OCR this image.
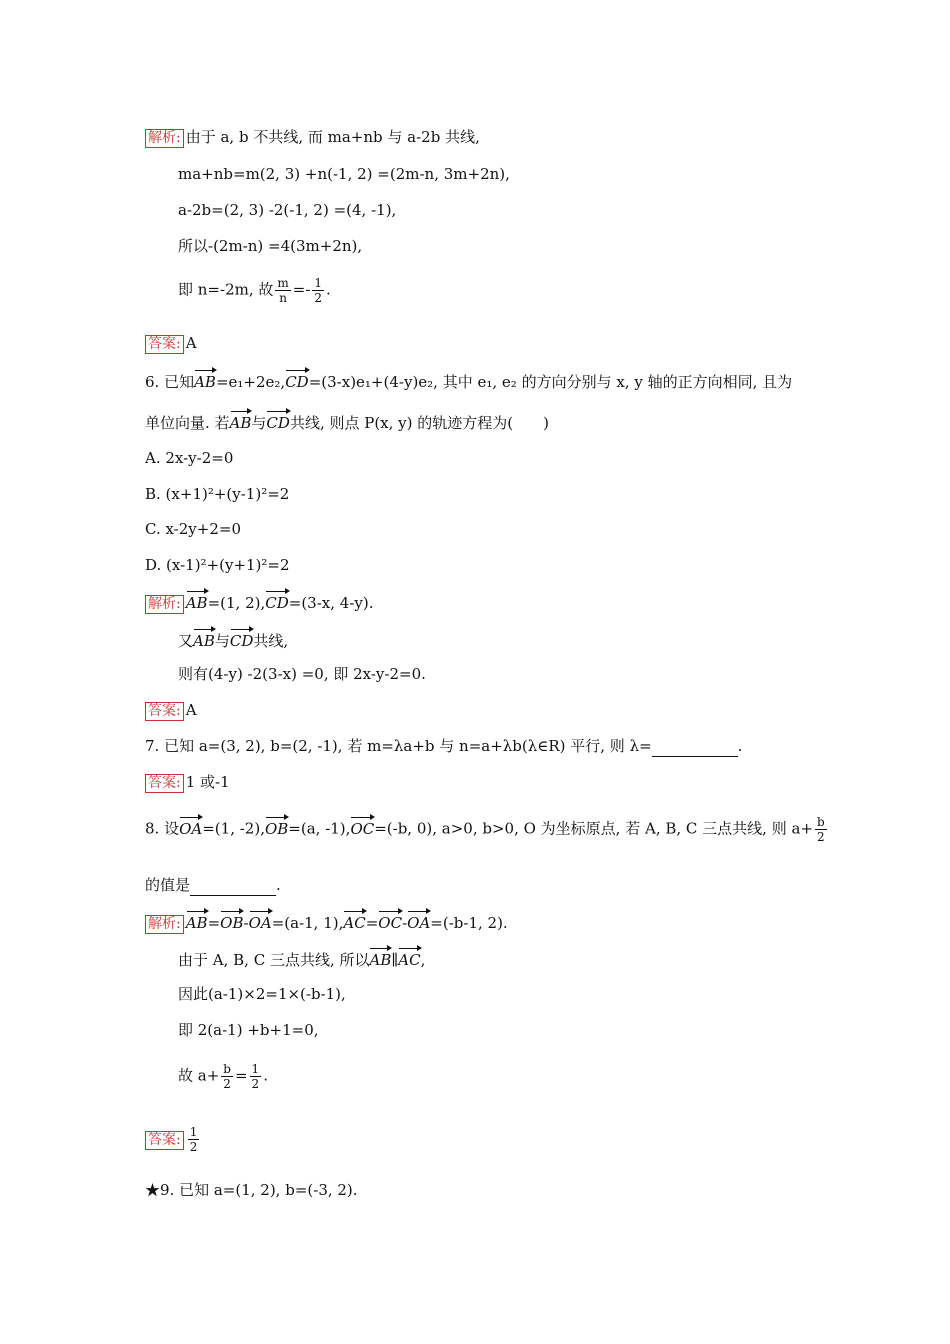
解析: 由于 a, b 不共线, 而 ma+nb 与 a-2b 共线,
ma+nb=m(2, 3) +n(-1, 2) =(2m-n, 3m+2n),
a-2b=(2, 3) -2(-1, 2) =(4, -1),
所以-(2m-n) =4(3m+2n),
即 n=-2m, 故 $\frac{m}{n} =- \frac{1}{2}$ .
答案: A
6. 已知AB=e₁+2e₂,CD=(3-x)e₁+(4-y)e₂, 其中 e₁, e₂ 的方向分别与 x, y 轴的正方向相同, 且为
单位向量. 若AB与CD共线, 则点 P(x, y) 的轨迹方程为(　　)
A. 2x-y-2=0
B. (x+1)²+(y-1)²=2
C. x-2y+2=0
D. (x-1)²+(y+1)²=2
解析: AB=(1, 2),CD=(3-x, 4-y).
又AB与CD共线,
则有(4-y) -2(3-x) =0, 即 2x-y-2=0.
答案: A
7. 已知 a=(3, 2), b=(2, -1), 若 m=λa+b 与 n=a+λb(λ∈R) 平行, 则 λ=	.
答案: 1 或-1
8. 设OA=(1, -2),OB=(a, -1),OC=(-b, 0), a>0, b>0, O 为坐标原点, 若 A, B, C 三点共线, 则 $a+ \frac{b}{2}$
的值是	.
解析: AB=OB-OA=(a-1, 1),AC=OC-OA=(-b-1, 2).
由于 A, B, C 三点共线, 所以AB∥AC,
因此(a-1)×2=1×(-b-1),
即 2(a-1) +b+1=0,
故 $a+ \frac{b}{2} = \frac{1}{2}$ .
答案: $\frac{1}{2}$
★9. 已知 a=(1, 2), b=(-3, 2).
